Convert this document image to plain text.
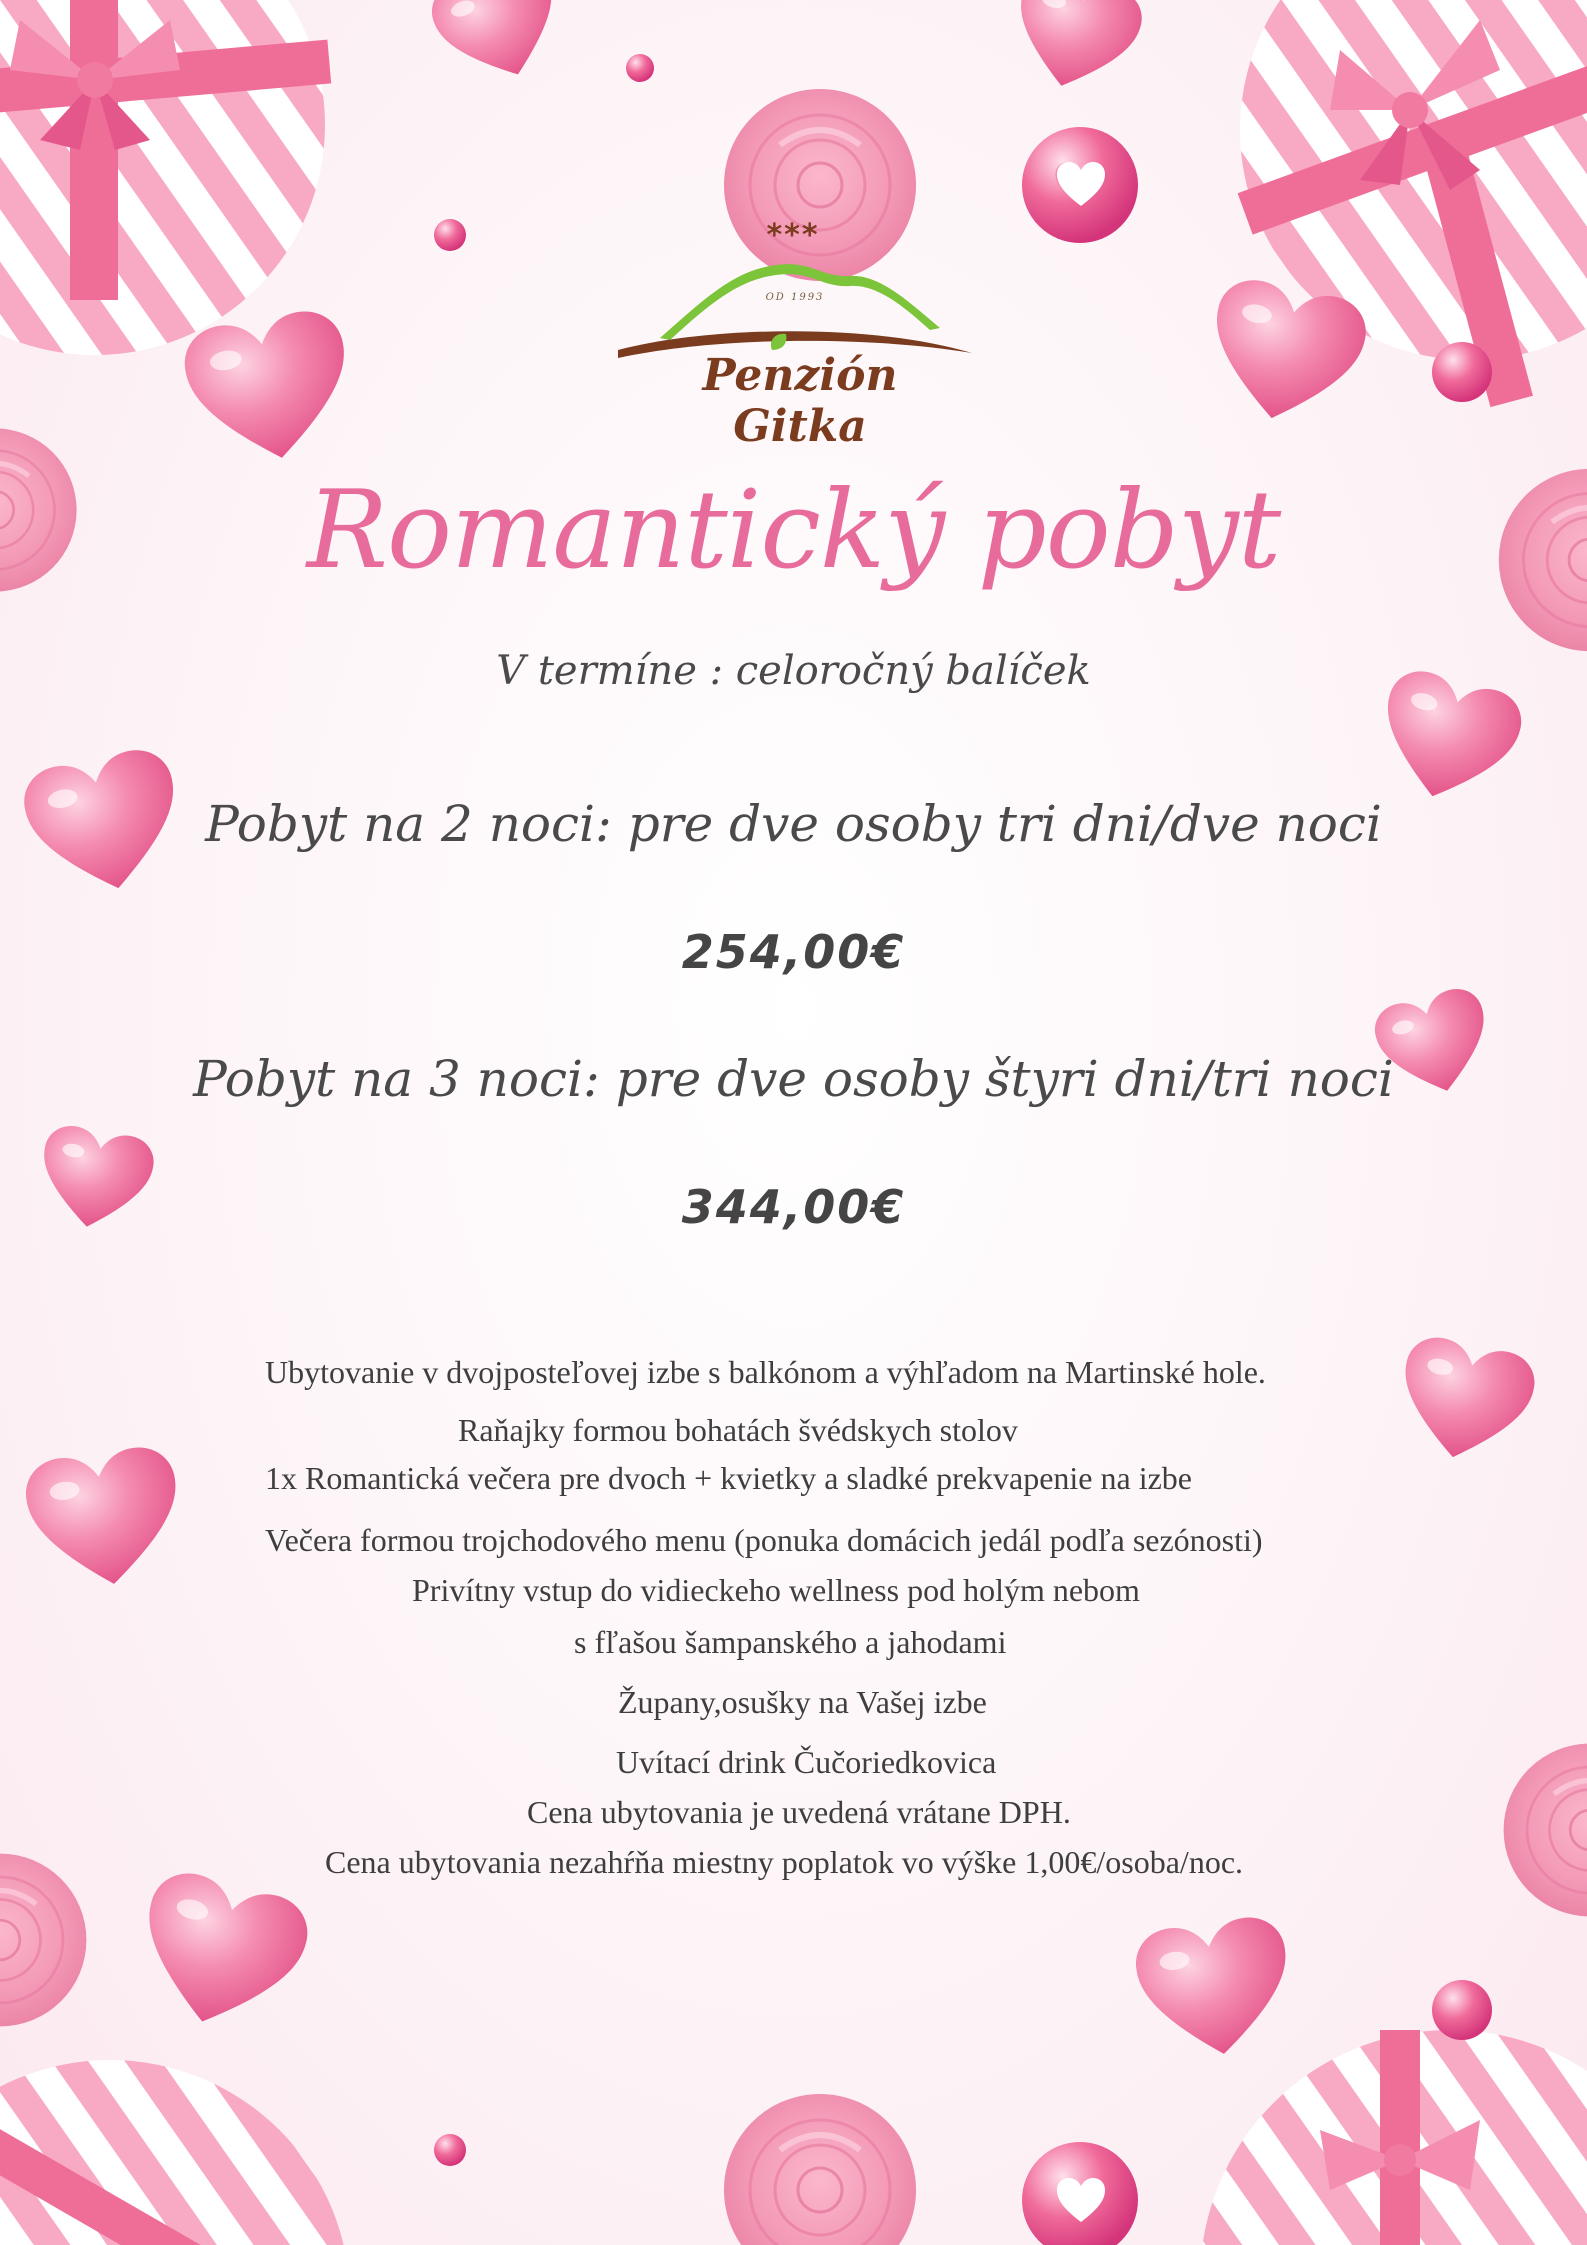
***
OD 1993
Penzión Gitka
Romantický pobyt
V termíne : celoročný balíček
Pobyt na 2 noci: pre dve osoby tri dni/dve noci
254,00€
Pobyt na 3 noci: pre dve osoby štyri dni/tri noci
344,00€
Ubytovanie v dvojposteľovej izbe s balkónom a výhľadom na Martinské hole.
Raňajky formou bohatách švédskych stolov
1x Romantická večera pre dvoch + kvietky a sladké prekvapenie na izbe
Večera formou trojchodového menu (ponuka domácich jedál podľa sezónosti)
Privítny vstup do vidieckeho wellness pod holým nebom
s fľašou šampanského a jahodami
Župany,osušky na Vašej izbe
Uvítací drink Čučoriedkovica
Cena ubytovania je uvedená vrátane DPH.
Cena ubytovania nezahŕňa miestny poplatok vo výške 1,00€/osoba/noc.
